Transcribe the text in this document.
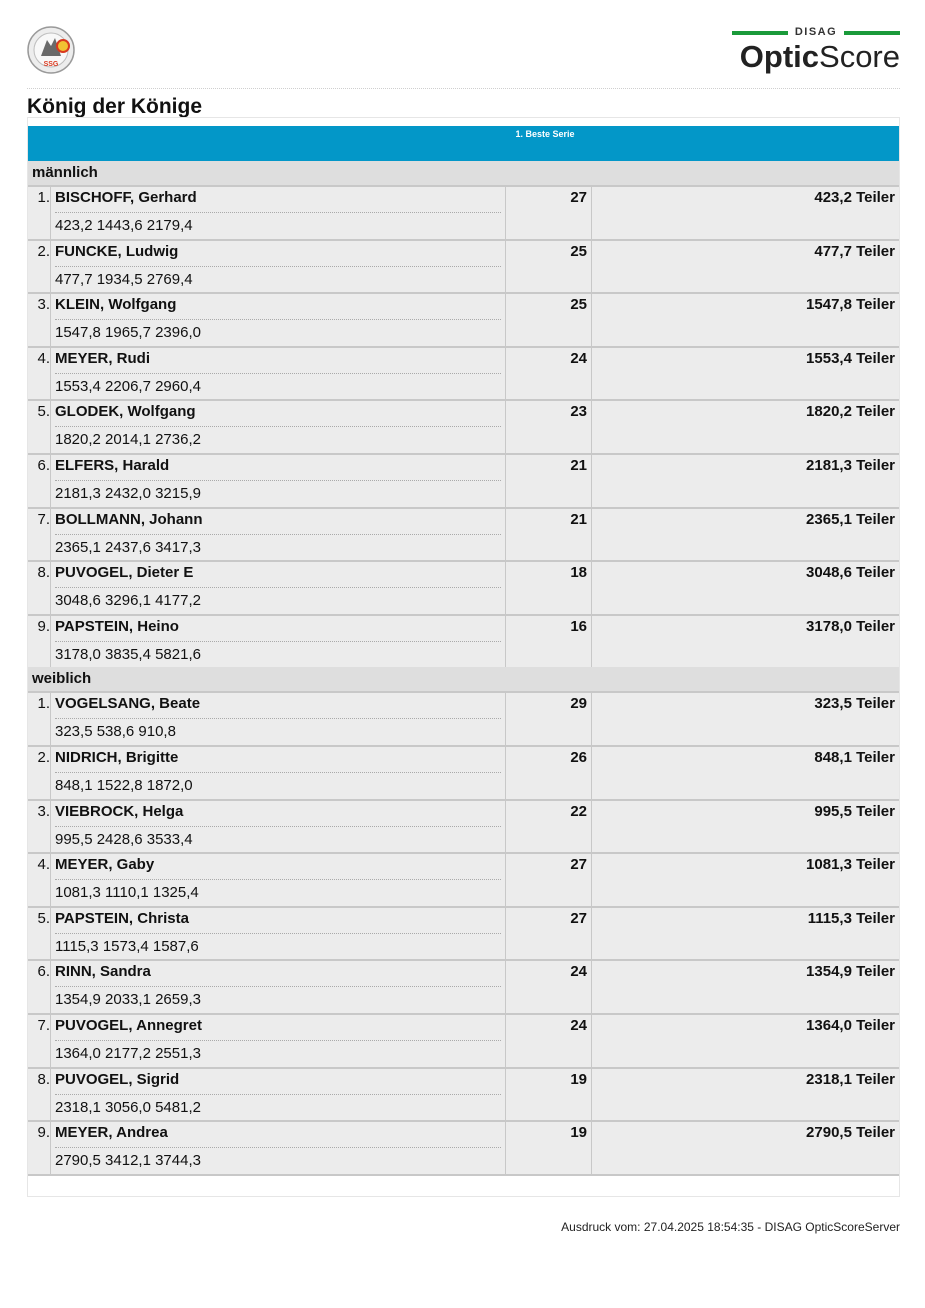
SSG
DISAG
OpticScore
König der Könige
1. Beste Serie
männlich
1. BISCHOFF, Gerhard
423,2 1443,6 2179,4
27	423,2 Teiler
2. FUNCKE, Ludwig
477,7 1934,5 2769,4
25	477,7 Teiler
3. KLEIN, Wolfgang
1547,8 1965,7 2396,0
25	1547,8 Teiler
4. MEYER, Rudi
1553,4 2206,7 2960,4
24	1553,4 Teiler
5. GLODEK, Wolfgang
1820,2 2014,1 2736,2
23	1820,2 Teiler
6. ELFERS, Harald
2181,3 2432,0 3215,9
21	2181,3 Teiler
7. BOLLMANN, Johann
2365,1 2437,6 3417,3
21	2365,1 Teiler
8. PUVOGEL, Dieter E
3048,6 3296,1 4177,2
18	3048,6 Teiler
9. PAPSTEIN, Heino
3178,0 3835,4 5821,6
16	3178,0 Teiler
weiblich
1. VOGELSANG, Beate
323,5 538,6 910,8
29	323,5 Teiler
2. NIDRICH, Brigitte
848,1 1522,8 1872,0
26	848,1 Teiler
3. VIEBROCK, Helga
995,5 2428,6 3533,4
22	995,5 Teiler
4. MEYER, Gaby
1081,3 1110,1 1325,4
27	1081,3 Teiler
5. PAPSTEIN, Christa
1115,3 1573,4 1587,6
27	1115,3 Teiler
6. RINN, Sandra
1354,9 2033,1 2659,3
24	1354,9 Teiler
7. PUVOGEL, Annegret
1364,0 2177,2 2551,3
24	1364,0 Teiler
8. PUVOGEL, Sigrid
2318,1 3056,0 5481,2
19	2318,1 Teiler
9. MEYER, Andrea
2790,5 3412,1 3744,3
19	2790,5 Teiler
Ausdruck vom: 27.04.2025 18:54:35 - DISAG OpticScoreServer
